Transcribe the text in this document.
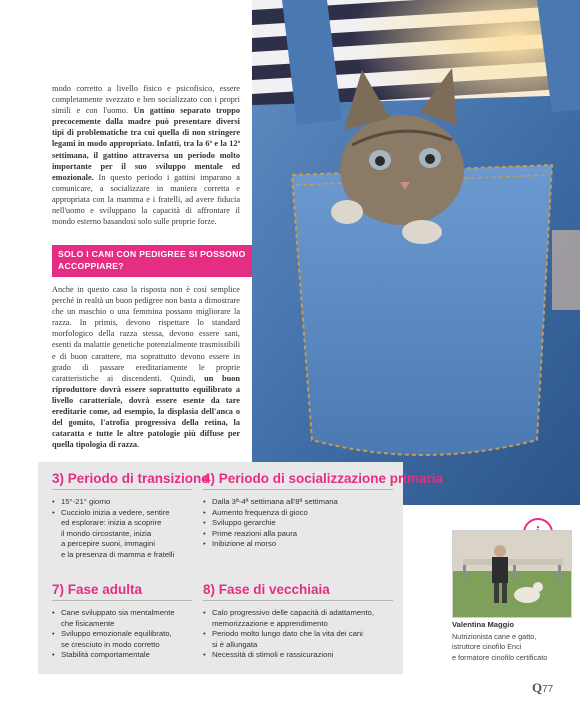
modo corretto a livello fisico e psicofisico, essere completamente svezzato e ben socializzato con i propri simili e con l'uomo. Un gattino separato troppo precocemente dalla madre può presentare diversi tipi di problematiche tra cui quella di non stringere legami in modo appropriato. Infatti, tra la 6ª e la 12ª settimana, il gattino attraversa un periodo molto importante per il suo sviluppo mentale ed emozionale. In questo periodo i gattini imparano a comunicare, a socializzare in maniera corretta e appropriata con la mamma e i fratelli, ad avere fiducia nell'uomo e sviluppano la capacità di affrontare il mondo esterno basandosi solo sulle proprie forze.

SOLO I CANI CON PEDIGREE SI POSSONO ACCOPPIARE?

Anche in questo caso la risposta non è così semplice perché in realtà un buon pedigree non basta a dimostrare che un maschio o una femmina possano migliorare la razza. In primis, devono rispettare lo standard morfologico della razza stessa, devono essere sani, esenti da malattie genetiche potenzialmente trasmissibili e di buon carattere, ma soprattutto devono essere in grado di passare ereditariamente le proprie caratteristiche ai discendenti. Quindi, un buon riproduttore dovrà essere soprattutto equilibrato a livello caratteriale, dovrà essere esente da tare ereditarie come, ad esempio, la displasia dell'anca o del gomito, l'atrofia progressiva della retina, la cataratta e tutte le altre patologie più diffuse per quella tipologia di razza.

3) Periodo di transizione
• 15°-21° giorno
• Cucciolo inizia a vedere, sentire
ed esplorare: inizia a scoprire
il mondo circostante, inizia
a percepire suoni, immagini
e la presenza di mamma e fratelli
4) Periodo di socializzazione primaria
• Dalla 3ª-4ª settimana all'8ª settimana
• Aumento frequenza di gioco
• Sviluppo gerarchie
• Prime reazioni alla paura
• Inibizione al morso
7) Fase adulta
• Cane sviluppato sia mentalmente
che fisicamente
• Sviluppo emozionale equilibrato,
se cresciuto in modo corretto
• Stabilità comportamentale
8) Fase di vecchiaia
• Calo progressivo delle capacità di adattamento,
memorizzazione e apprendimento
• Periodo molto lungo dato che la vita dei cani
si è allungata
• Necessità di stimoli e rassicurazioni
Valentina Maggio
Nutrizionista cane e gatto,
istruttore cinofilo Enci
e formatore cinofilo certificato
Q77
